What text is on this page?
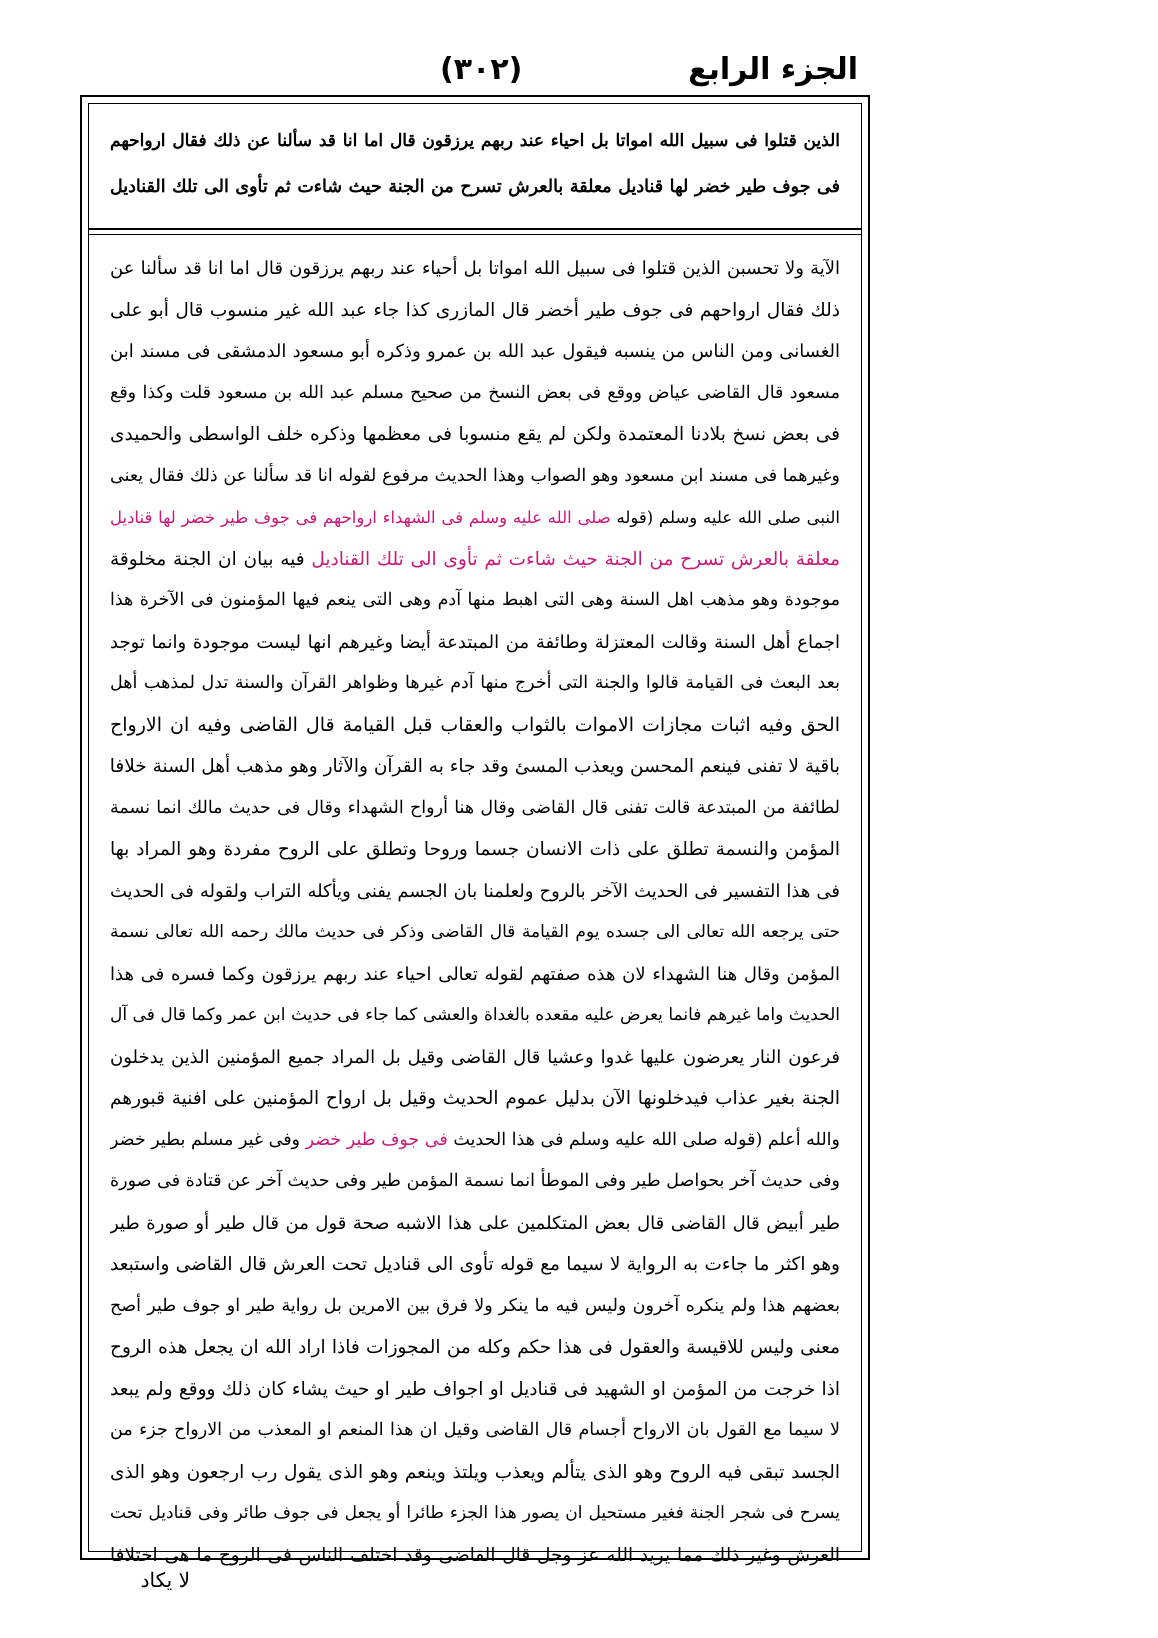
الجزء الرابع
(٣٠٢)

الذين قتلوا فى سبيل الله امواتا بل احياء عند ربهم يرزقون قال اما انا قد سألنا عن ذلك فقال ارواحهم

فى جوف طير خضر لها قناديل معلقة بالعرش تسرح من الجنة حيث شاءت ثم تأوى الى تلك القناديل

الآية ولا تحسبن الذين قتلوا فى سبيل الله امواتا بل أحياء عند ربهم يرزقون قال اما انا قد سألنا عن

ذلك فقال ارواحهم فى جوف طير أخضر قال المازرى كذا جاء عبد الله غير منسوب قال أبو على

الغسانى ومن الناس من ينسبه فيقول عبد الله بن عمرو وذكره أبو مسعود الدمشقى فى مسند ابن

مسعود قال القاضى عياض ووقع فى بعض النسخ من صحيح مسلم عبد الله بن مسعود قلت وكذا وقع

فى بعض نسخ بلادنا المعتمدة ولكن لم يقع منسوبا فى معظمها وذكره خلف الواسطى والحميدى

وغيرهما فى مسند ابن مسعود وهو الصواب وهذا الحديث مرفوع لقوله انا قد سألنا عن ذلك فقال يعنى

النبى صلى الله عليه وسلم (قوله صلى الله عليه وسلم فى الشهداء ارواحهم فى جوف طير خضر لها قناديل

معلقة بالعرش تسرح من الجنة حيث شاءت ثم تأوى الى تلك القناديل فيه بيان ان الجنة مخلوقة

موجودة وهو مذهب اهل السنة وهى التى اهبط منها آدم وهى التى ينعم فيها المؤمنون فى الآخرة هذا

اجماع أهل السنة وقالت المعتزلة وطائفة من المبتدعة أيضا وغيرهم انها ليست موجودة وانما توجد

بعد البعث فى القيامة قالوا والجنة التى أخرج منها آدم غيرها وظواهر القرآن والسنة تدل لمذهب أهل

الحق وفيه اثبات مجازات الاموات بالثواب والعقاب قبل القيامة قال القاضى وفيه ان الارواح

باقية لا تفنى فينعم المحسن ويعذب المسئ وقد جاء به القرآن والآثار وهو مذهب أهل السنة خلافا

لطائفة من المبتدعة قالت تفنى قال القاضى وقال هنا أرواح الشهداء وقال فى حديث مالك انما نسمة

المؤمن والنسمة تطلق على ذات الانسان جسما وروحا وتطلق على الروح مفردة وهو المراد بها

فى هذا التفسير فى الحديث الآخر بالروح ولعلمنا بان الجسم يفنى ويأكله التراب ولقوله فى الحديث

حتى يرجعه الله تعالى الى جسده يوم القيامة قال القاضى وذكر فى حديث مالك رحمه الله تعالى نسمة

المؤمن وقال هنا الشهداء لان هذه صفتهم لقوله تعالى احياء عند ربهم يرزقون وكما فسره فى هذا

الحديث واما غيرهم فانما يعرض عليه مقعده بالغداة والعشى كما جاء فى حديث ابن عمر وكما قال فى آل

فرعون النار يعرضون عليها غدوا وعشيا قال القاضى وقيل بل المراد جميع المؤمنين الذين يدخلون

الجنة بغير عذاب فيدخلونها الآن بدليل عموم الحديث وقيل بل ارواح المؤمنين على افنية قبورهم

والله أعلم (قوله صلى الله عليه وسلم فى هذا الحديث فى جوف طير خضر وفى غير مسلم بطير خضر

وفى حديث آخر بحواصل طير وفى الموطأ انما نسمة المؤمن طير وفى حديث آخر عن قتادة فى صورة

طير أبيض قال القاضى قال بعض المتكلمين على هذا الاشبه صحة قول من قال طير أو صورة طير

وهو اكثر ما جاءت به الرواية لا سيما مع قوله تأوى الى قناديل تحت العرش قال القاضى واستبعد

بعضهم هذا ولم ينكره آخرون وليس فيه ما ينكر ولا فرق بين الامرين بل رواية طير او جوف طير أصح

معنى وليس للاقيسة والعقول فى هذا حكم وكله من المجوزات فاذا اراد الله ان يجعل هذه الروح

اذا خرجت من المؤمن او الشهيد فى قناديل او اجواف طير او حيث يشاء كان ذلك ووقع ولم يبعد

لا سيما مع القول بان الارواح أجسام قال القاضى وقيل ان هذا المنعم او المعذب من الارواح جزء من

الجسد تبقى فيه الروح وهو الذى يتألم ويعذب ويلتذ وينعم وهو الذى يقول رب ارجعون وهو الذى

يسرح فى شجر الجنة فغير مستحيل ان يصور هذا الجزء طائرا أو يجعل فى جوف طائر وفى قناديل تحت

العرش وغير ذلك مما يريد الله عز وجل قال القاضى وقد اختلف الناس فى الروح ما هى اختلافا

لا يكاد
